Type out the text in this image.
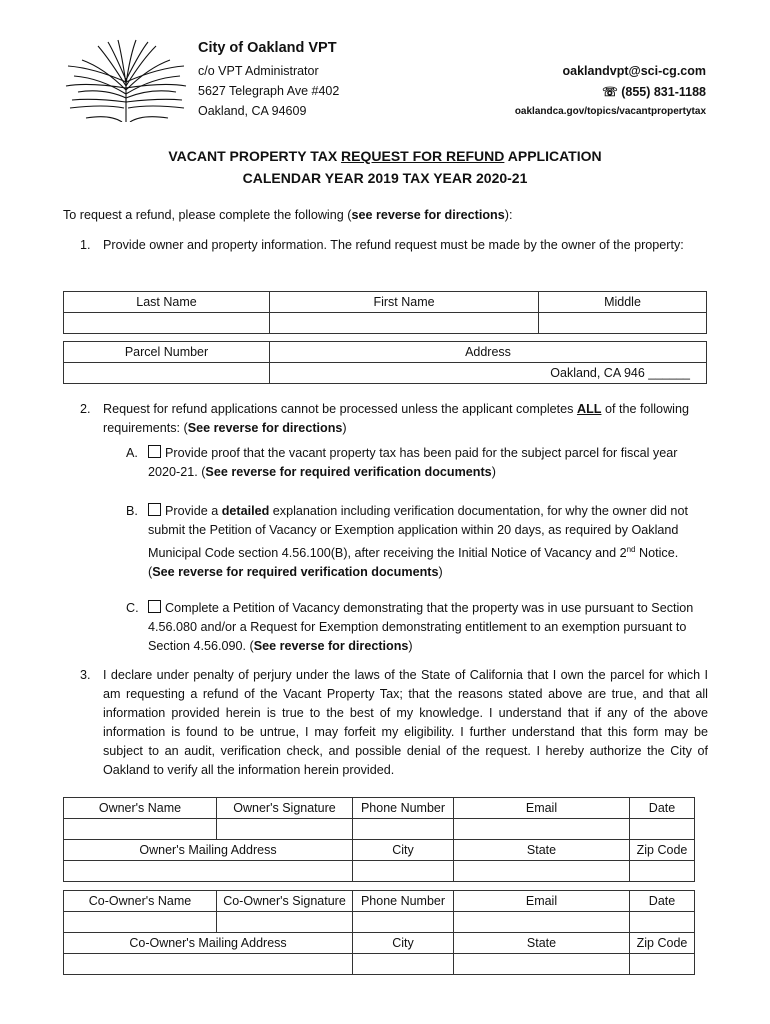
City of Oakland VPT
c/o VPT Administrator
5627 Telegraph Ave #402
Oakland, CA 94609
oaklandvpt@sci-cg.com
☏ (855) 831-1188
oaklandca.gov/topics/vacantpropertytax
VACANT PROPERTY TAX REQUEST FOR REFUND APPLICATION
CALENDAR YEAR 2019 TAX YEAR 2020-21
To request a refund, please complete the following (see reverse for directions):
1. Provide owner and property information. The refund request must be made by the owner of the property:
Last Name	First Name	Middle

Parcel Number	Address
	Oakland, CA 946 ______
2. Request for refund applications cannot be processed unless the applicant completes ALL of the following requirements: (See reverse for directions)
A.	Provide proof that the vacant property tax has been paid for the subject parcel for fiscal year 2020-21. (See reverse for required verification documents)
B.	Provide a detailed explanation including verification documentation, for why the owner did not submit the Petition of Vacancy or Exemption application within 20 days, as required by Oakland Municipal Code section 4.56.100(B), after receiving the Initial Notice of Vacancy and 2nd Notice. (See reverse for required verification documents)
C.	Complete a Petition of Vacancy demonstrating that the property was in use pursuant to Section 4.56.080 and/or a Request for Exemption demonstrating entitlement to an exemption pursuant to Section 4.56.090. (See reverse for directions)
3. I declare under penalty of perjury under the laws of the State of California that I own the parcel for which I am requesting a refund of the Vacant Property Tax; that the reasons stated above are true, and that all information provided herein is true to the best of my knowledge. I understand that if any of the above information is found to be untrue, I may forfeit my eligibility. I further understand that this form may be subject to an audit, verification check, and possible denial of the request. I hereby authorize the City of Oakland to verify all the information herein provided.
Owner's Name	Owner's Signature	Phone Number	Email	Date

Owner's Mailing Address		City	State	Zip Code

Co-Owner's Name	Co-Owner's Signature	Phone Number	Email	Date

Co-Owner's Mailing Address		City	State	Zip Code
